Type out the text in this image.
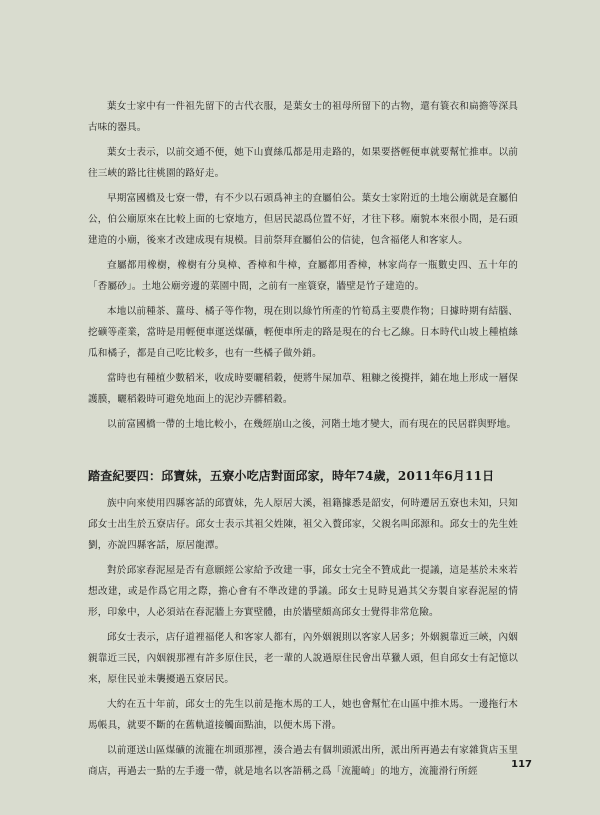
葉女士家中有一件祖先留下的古代衣服，是葉女士的祖母所留下的古物，還有簑衣和扁擔等深具古味的器具。

葉女士表示，以前交通不便，她下山賣絲瓜都是用走路的，如果要搭輕便車就要幫忙推車。以前往三峽的路比往桃園的路好走。

早期富國橋及七寮一帶，有不少以石頭爲神主的㚗屬伯公。葉女士家附近的土地公廟就是㚗屬伯公，伯公廟原來在比較上面的七寮地方，但居民認爲位置不好，才往下移。廟貌本來很小間，是石頭建造的小廟，後來才改建成現有規模。目前祭拜㚗屬伯公的信徒，包含福佬人和客家人。

㚗屬都用橡樹，橡樹有分臭樟、香樟和牛樟，㚗屬都用香樟，林家尚存一瓶數史四、五十年的「香屬砂」。土地公廟旁邊的菜園中間，之前有一座簑寮，牆壁是竹子建造的。

本地以前種茶、薑母、橘子等作物，現在則以綠竹所產的竹筍爲主要農作物；日據時期有結腦、挖礦等產業，當時是用輕便車運送煤礦，輕便車所走的路是現在的台七乙線。日本時代山坡上種植絲瓜和橘子，都是自己吃比較多，也有一些橘子做外銷。

當時也有種植少數稻米，收成時要曬稻穀，便將牛屎加草、粗糠之後攪拌，鋪在地上形成一層保護膜，曬稻穀時可避免地面上的泥沙弄髒稻穀。

以前富國橋一帶的土地比較小，在幾經崩山之後，河階土地才變大，而有現在的民居群與野地。

踏查紀要四：邱寶妹，五寮小吃店對面邱家，時年74歲，2011年6月11日

族中向來使用四縣客話的邱寶妹，先人原居大溪，祖籍據悉是韶安，何時遷居五寮也未知，只知邱女士出生於五寮店仔。邱女士表示其祖父姓陳，祖父入贅邱家，父親名叫邱源和。邱女士的先生姓劉，亦說四縣客話，原居龍潭。

對於邱家舂泥屋是否有意願經公家給予改建一事，邱女士完全不贊成此一提議，這是基於未來若想改建，或是作爲它用之際，擔心會有不準改建的爭議。邱女士見時見過其父夯製自家舂泥屋的情形，印象中，人必須站在舂泥牆上夯實壁體，由於牆壁頗高邱女士覺得非常危險。

邱女士表示，店仔道裡福佬人和客家人都有，內外姻親則以客家人居多；外姻親靠近三峽，內姻親靠近三民，內姻親那裡有許多原住民，老一輩的人說過原住民會出草獵人頭，但自邱女士有記憶以來，原住民並未襲擾過五寮居民。

大約在五十年前，邱女士的先生以前是拖木馬的工人，她也會幫忙在山區中推木馬。一邊拖行木馬帳具，就要不斷的在舊軌道接觸面點油，以便木馬下滑。

以前運送山區煤礦的流籠在圳頭那裡，湊合過去有個圳頭派出所，派出所再過去有家雜貨店玉里商店，再過去一點的左手邊一帶，就是地名以客語稱之爲「流籠崎」的地方，流籠滑行所經

117
